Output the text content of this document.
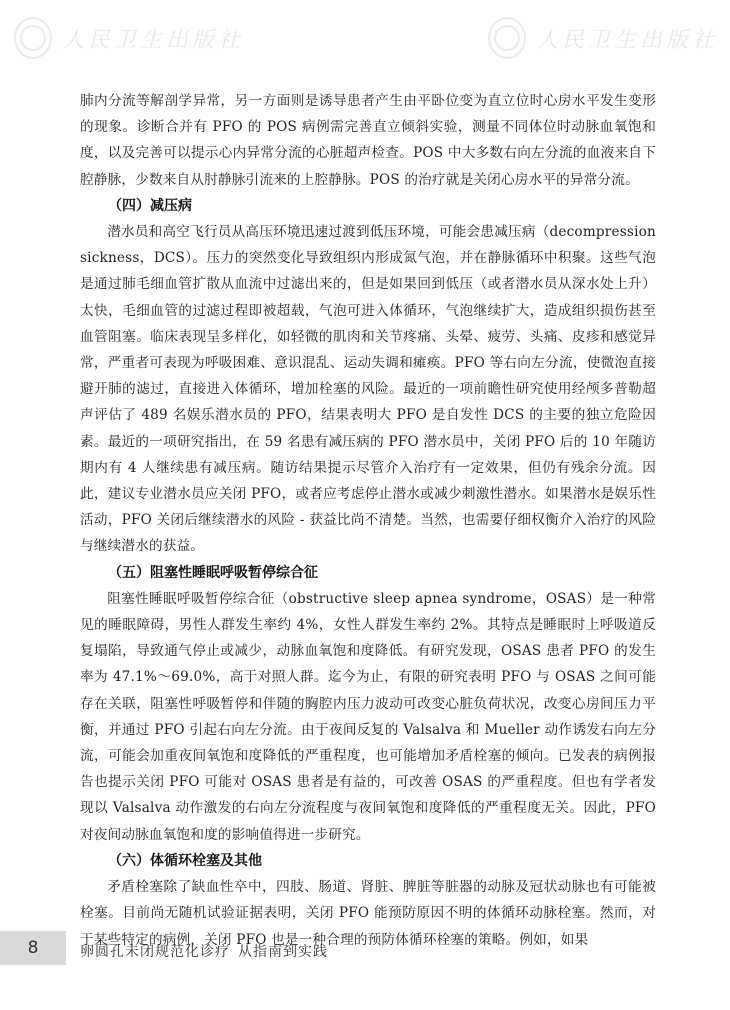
人民卫生出版社	人民卫生出版社

肺内分流等解剖学异常，另一方面则是诱导患者产生由平卧位变为直立位时心房水平发生变形的现象。诊断合并有 PFO 的 POS 病例需完善直立倾斜实验，测量不同体位时动脉血氧饱和度，以及完善可以提示心内异常分流的心脏超声检查。POS 中大多数右向左分流的血液来自下腔静脉，少数来自从肘静脉引流来的上腔静脉。POS 的治疗就是关闭心房水平的异常分流。

（四）减压病

潜水员和高空飞行员从高压环境迅速过渡到低压环境，可能会患减压病（decompression sickness，DCS）。压力的突然变化导致组织内形成氮气泡，并在静脉循环中积聚。这些气泡是通过肺毛细血管扩散从血流中过滤出来的，但是如果回到低压（或者潜水员从深水处上升）太快，毛细血管的过滤过程即被超载，气泡可进入体循环，气泡继续扩大，造成组织损伤甚至血管阻塞。临床表现呈多样化，如轻微的肌肉和关节疼痛、头晕、疲劳、头痛、皮疹和感觉异常，严重者可表现为呼吸困难、意识混乱、运动失调和瘫痪。PFO 等右向左分流，使微泡直接避开肺的滤过，直接进入体循环，增加栓塞的风险。最近的一项前瞻性研究使用经颅多普勒超声评估了 489 名娱乐潜水员的 PFO，结果表明大 PFO 是自发性 DCS 的主要的独立危险因素。最近的一项研究指出，在 59 名患有减压病的 PFO 潜水员中，关闭 PFO 后的 10 年随访期内有 4 人继续患有减压病。随访结果提示尽管介入治疗有一定效果，但仍有残余分流。因此，建议专业潜水员应关闭 PFO，或者应考虑停止潜水或减少刺激性潜水。如果潜水是娱乐性活动，PFO 关闭后继续潜水的风险 - 获益比尚不清楚。当然，也需要仔细权衡介入治疗的风险与继续潜水的获益。

（五）阻塞性睡眠呼吸暂停综合征

阻塞性睡眠呼吸暂停综合征（obstructive sleep apnea syndrome，OSAS）是一种常见的睡眠障碍，男性人群发生率约 4%，女性人群发生率约 2%。其特点是睡眠时上呼吸道反复塌陷，导致通气停止或减少，动脉血氧饱和度降低。有研究发现，OSAS 患者 PFO 的发生率为 47.1%～69.0%，高于对照人群。迄今为止，有限的研究表明 PFO 与 OSAS 之间可能存在关联，阻塞性呼吸暂停和伴随的胸腔内压力波动可改变心脏负荷状况，改变心房间压力平衡，并通过 PFO 引起右向左分流。由于夜间反复的 Valsalva 和 Mueller 动作诱发右向左分流，可能会加重夜间氧饱和度降低的严重程度，也可能增加矛盾栓塞的倾向。已发表的病例报告也提示关闭 PFO 可能对 OSAS 患者是有益的，可改善 OSAS 的严重程度。但也有学者发现以 Valsalva 动作激发的右向左分流程度与夜间氧饱和度降低的严重程度无关。因此，PFO 对夜间动脉血氧饱和度的影响值得进一步研究。

（六）体循环栓塞及其他

矛盾栓塞除了缺血性卒中，四肢、肠道、肾脏、脾脏等脏器的动脉及冠状动脉也有可能被栓塞。目前尚无随机试验证据表明，关闭 PFO 能预防原因不明的体循环动脉栓塞。然而，对于某些特定的病例，关闭 PFO 也是一种合理的预防体循环栓塞的策略。例如，如果

8	卵圆孔未闭规范化诊疗 从指南到实践
